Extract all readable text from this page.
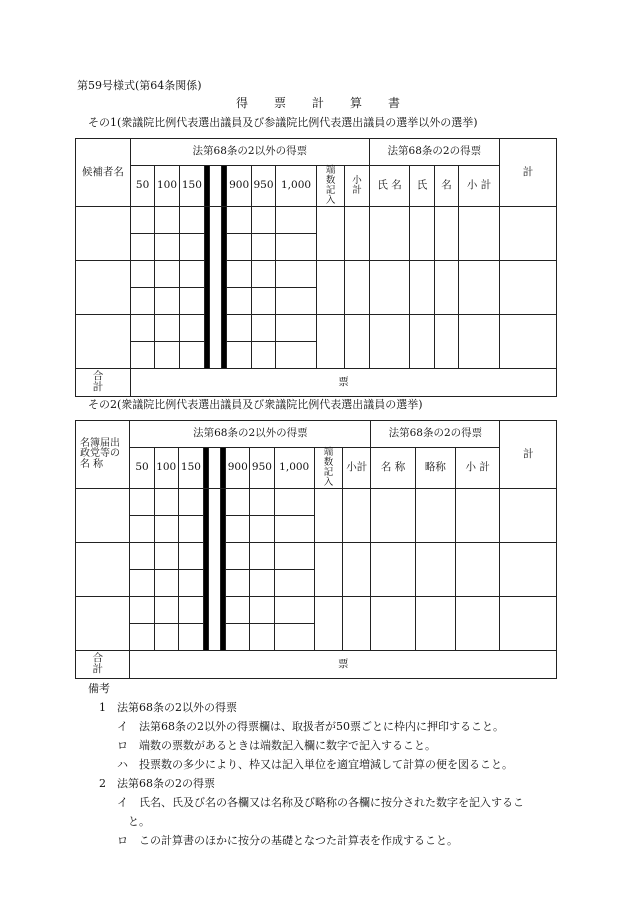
第59号様式(第64条関係)
得票計算書
その1(衆議院比例代表選出議員及び参議院比例代表選出議員の選挙以外の選挙)
候補者名	法第68条の2以外の得票											法第68条の2の得票				計
	50	100	150				900	950	1,000	端数記入	小計	氏 名	氏	名	小 計	

合 計	票															
その2(衆議院比例代表選出議員及び衆議院比例代表選出議員の選挙)
名簿届出政党等の名 称	法第68条の2以外の得票											法第68条の2の得票			計
	50	100	150				900	950	1,000	端数記入	小計	名 称	略称	小 計	

合 計	票														
備考
1　法第68条の2以外の得票
イ　法第68条の2以外の得票欄は、取扱者が50票ごとに枠内に押印すること。
ロ　端数の票数があるときは端数記入欄に数字で記入すること。
ハ　投票数の多少により、枠又は記入単位を適宜増減して計算の便を図ること。
2　法第68条の2の得票
イ　氏名、氏及び名の各欄又は名称及び略称の各欄に按分された数字を記入するこ
と。
ロ　この計算書のほかに按分の基礎となつた計算表を作成すること。
